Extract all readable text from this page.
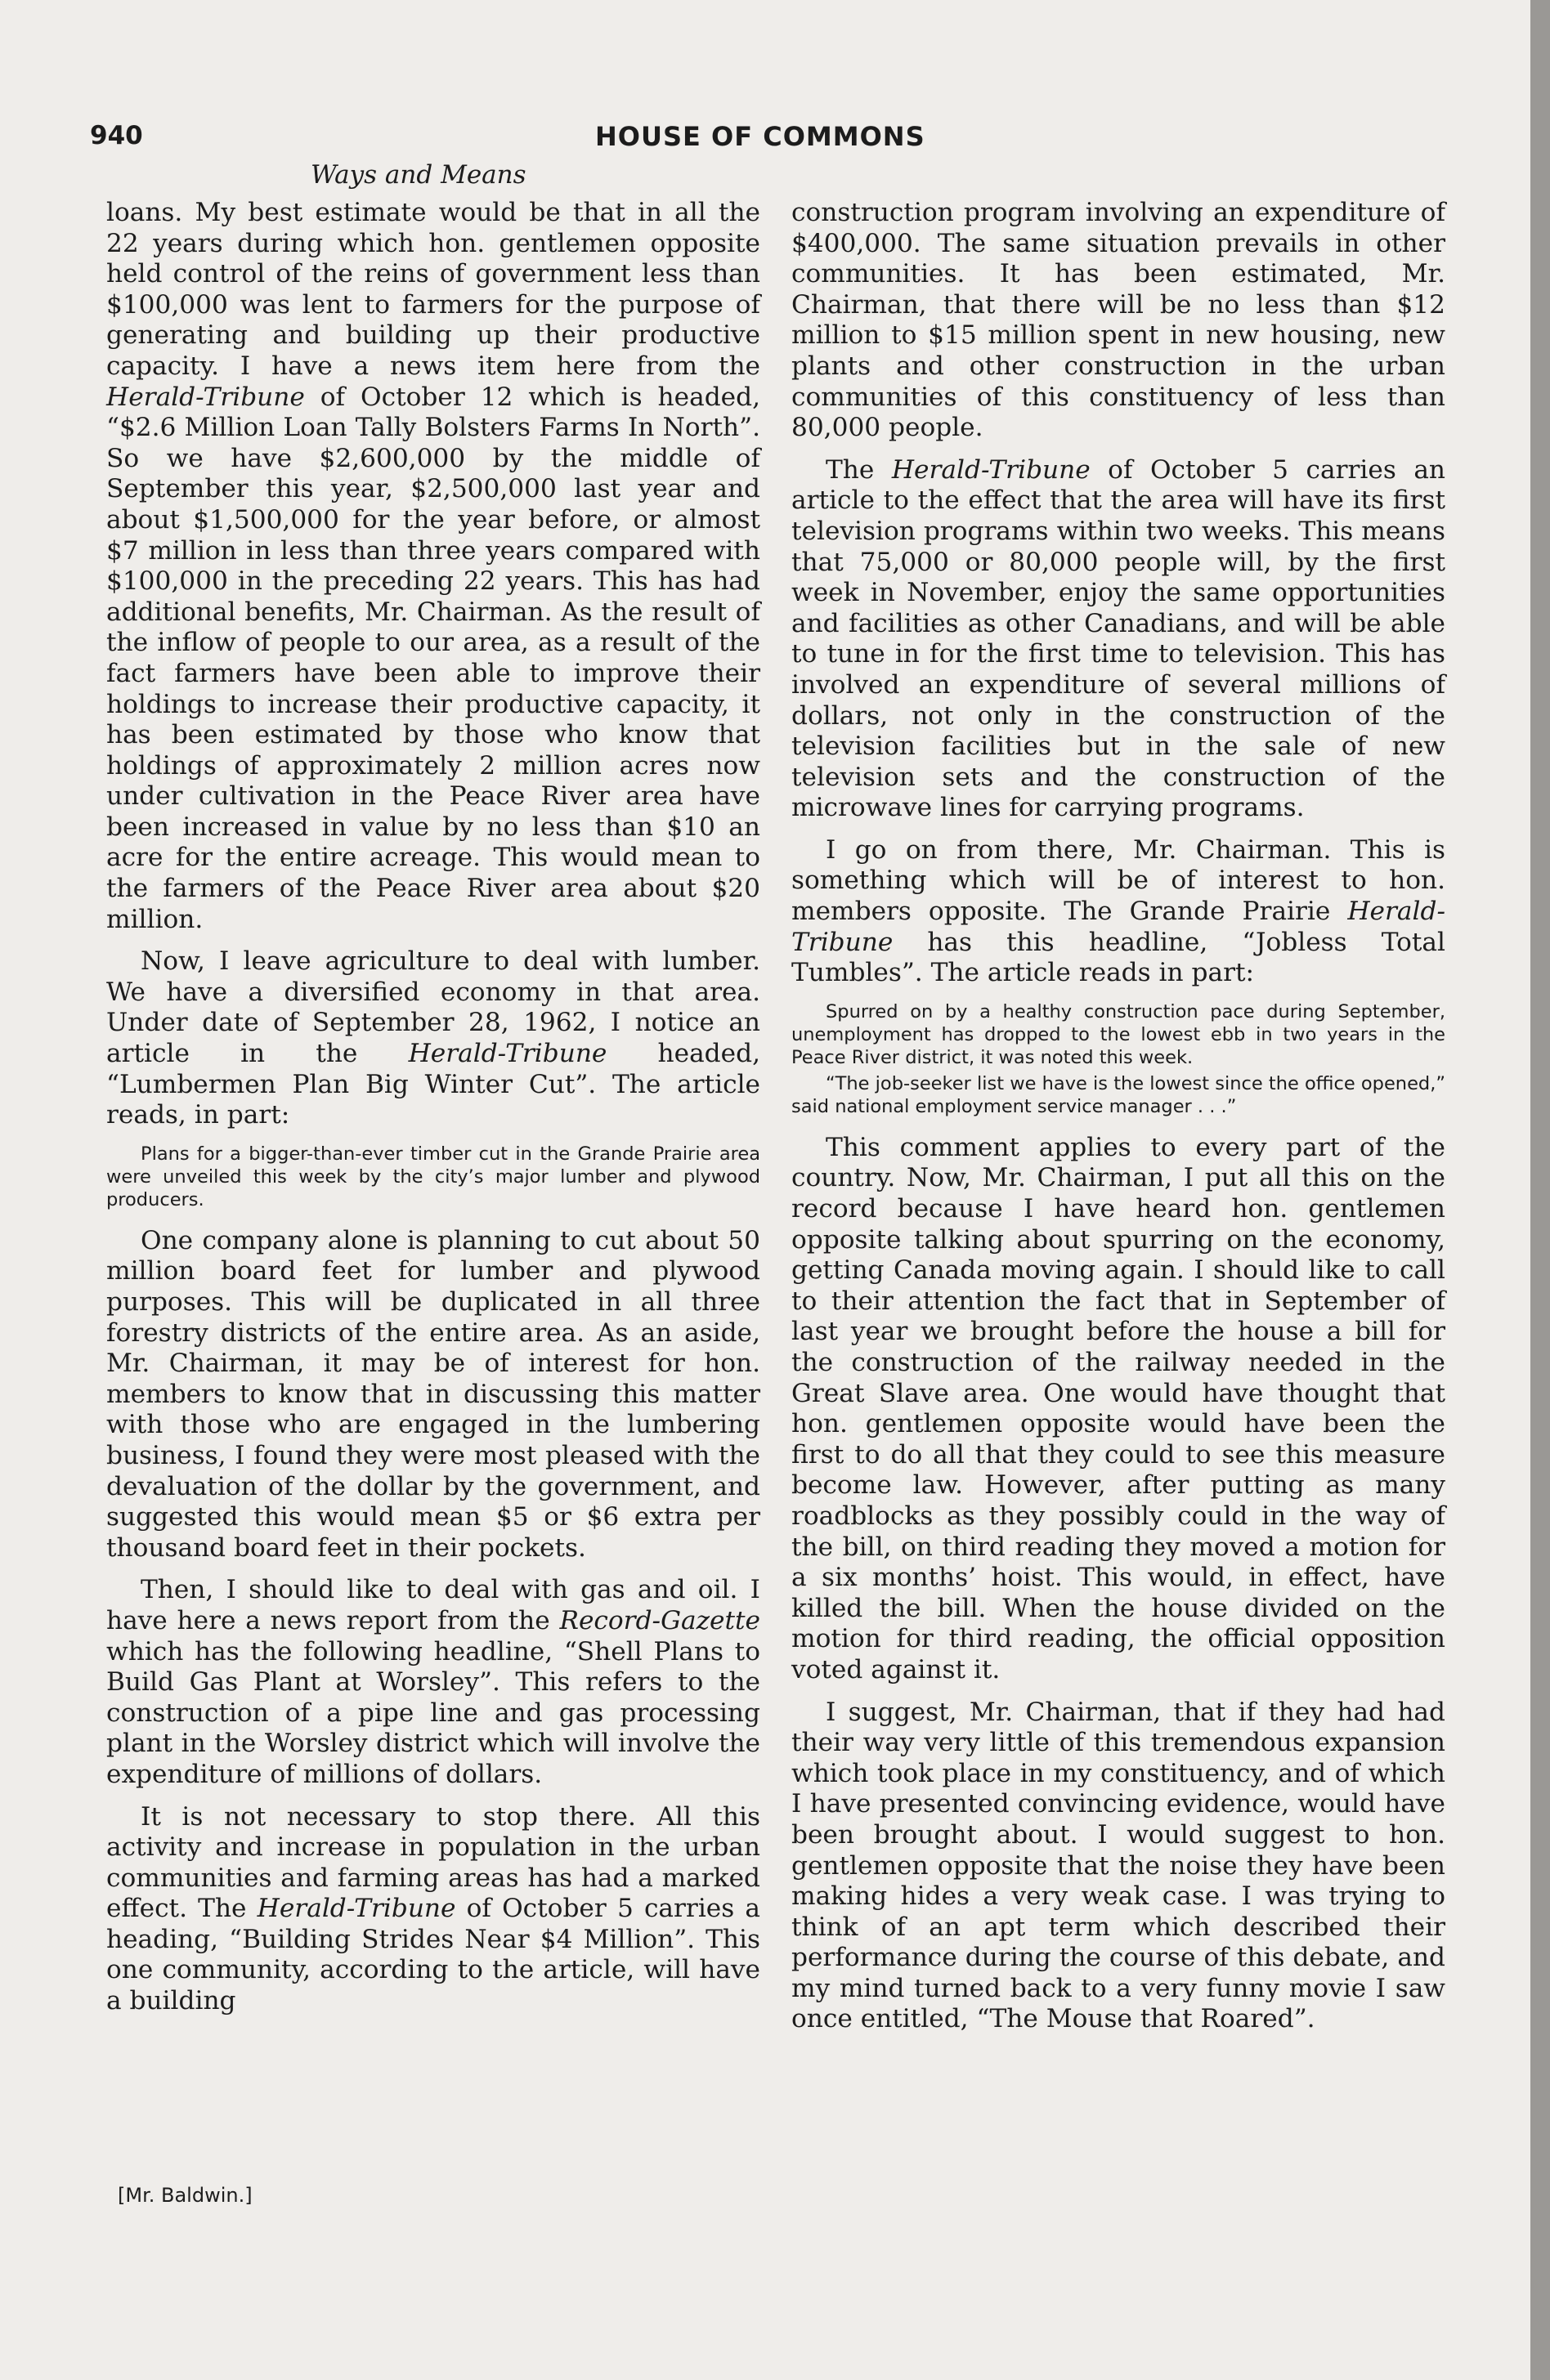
940	HOUSE OF COMMONS
Ways and Means

loans. My best estimate would be that in all the 22 years during which hon. gentlemen opposite held control of the reins of government less than $100,000 was lent to farmers for the purpose of generating and building up their productive capacity. I have a news item here from the Herald-Tribune of October 12 which is headed, “$2.6 Million Loan Tally Bolsters Farms In North”. So we have $2,600,000 by the middle of September this year, $2,500,000 last year and about $1,500,000 for the year before, or almost $7 million in less than three years compared with $100,000 in the preceding 22 years. This has had additional benefits, Mr. Chairman. As the result of the inflow of people to our area, as a result of the fact farmers have been able to improve their holdings to increase their productive capacity, it has been estimated by those who know that holdings of approximately 2 million acres now under cultivation in the Peace River area have been increased in value by no less than $10 an acre for the entire acreage. This would mean to the farmers of the Peace River area about $20 million.

Now, I leave agriculture to deal with lumber. We have a diversified economy in that area. Under date of September 28, 1962, I notice an article in the Herald-Tribune headed, “Lumbermen Plan Big Winter Cut”. The article reads, in part:

Plans for a bigger-than-ever timber cut in the Grande Prairie area were unveiled this week by the city’s major lumber and plywood producers.

One company alone is planning to cut about 50 million board feet for lumber and plywood purposes. This will be duplicated in all three forestry districts of the entire area. As an aside, Mr. Chairman, it may be of interest for hon. members to know that in discussing this matter with those who are engaged in the lumbering business, I found they were most pleased with the devaluation of the dollar by the government, and suggested this would mean $5 or $6 extra per thousand board feet in their pockets.

Then, I should like to deal with gas and oil. I have here a news report from the Record-Gazette which has the following headline, “Shell Plans to Build Gas Plant at Worsley”. This refers to the construction of a pipe line and gas processing plant in the Worsley district which will involve the expenditure of millions of dollars.

It is not necessary to stop there. All this activity and increase in population in the urban communities and farming areas has had a marked effect. The Herald-Tribune of October 5 carries a heading, “Building Strides Near $4 Million”. This one community, according to the article, will have a building

construction program involving an expenditure of $400,000. The same situation prevails in other communities. It has been estimated, Mr. Chairman, that there will be no less than $12 million to $15 million spent in new housing, new plants and other construction in the urban communities of this constituency of less than 80,000 people.

The Herald-Tribune of October 5 carries an article to the effect that the area will have its first television programs within two weeks. This means that 75,000 or 80,000 people will, by the first week in November, enjoy the same opportunities and facilities as other Canadians, and will be able to tune in for the first time to television. This has involved an expenditure of several millions of dollars, not only in the construction of the television facilities but in the sale of new television sets and the construction of the microwave lines for carrying programs.

I go on from there, Mr. Chairman. This is something which will be of interest to hon. members opposite. The Grande Prairie Herald-Tribune has this headline, “Jobless Total Tumbles”. The article reads in part:

Spurred on by a healthy construction pace during September, unemployment has dropped to the lowest ebb in two years in the Peace River district, it was noted this week.

“The job-seeker list we have is the lowest since the office opened,” said national employment service manager . . .”

This comment applies to every part of the country. Now, Mr. Chairman, I put all this on the record because I have heard hon. gentlemen opposite talking about spurring on the economy, getting Canada moving again. I should like to call to their attention the fact that in September of last year we brought before the house a bill for the construction of the railway needed in the Great Slave area. One would have thought that hon. gentlemen opposite would have been the first to do all that they could to see this measure become law. However, after putting as many roadblocks as they possibly could in the way of the bill, on third reading they moved a motion for a six months’ hoist. This would, in effect, have killed the bill. When the house divided on the motion for third reading, the official opposition voted against it.

I suggest, Mr. Chairman, that if they had had their way very little of this tremendous expansion which took place in my constituency, and of which I have presented convincing evidence, would have been brought about. I would suggest to hon. gentlemen opposite that the noise they have been making hides a very weak case. I was trying to think of an apt term which described their performance during the course of this debate, and my mind turned back to a very funny movie I saw once entitled, “The Mouse that Roared”.

[Mr. Baldwin.]
